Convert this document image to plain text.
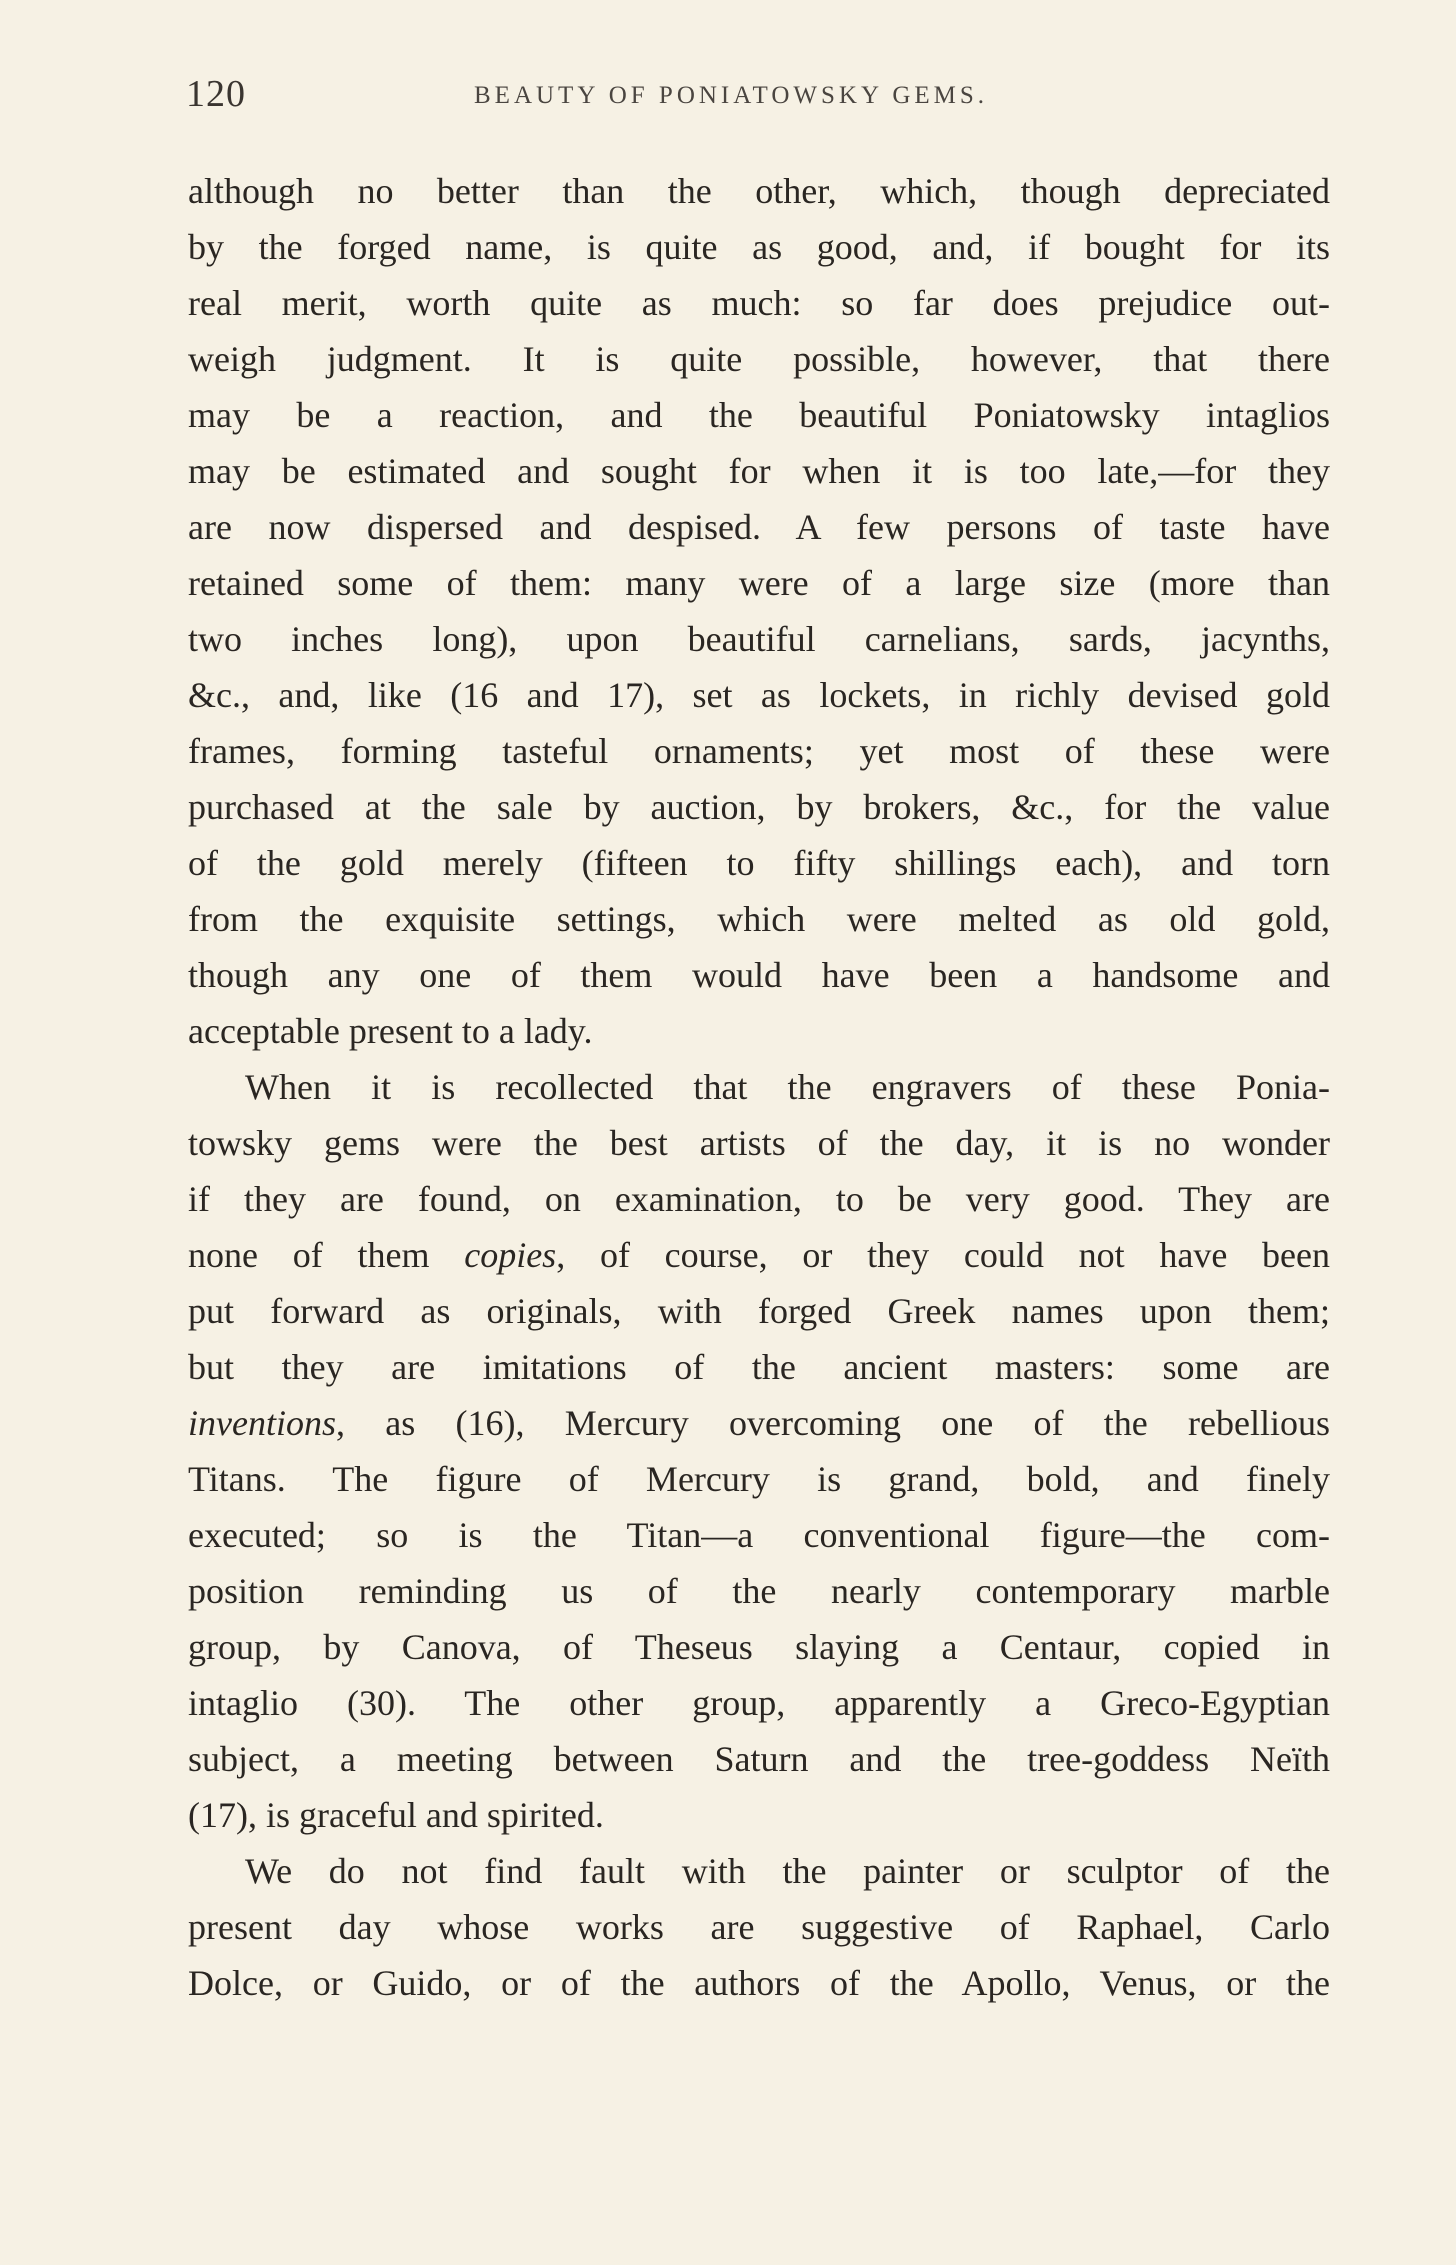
120	BEAUTY OF PONIATOWSKY GEMS.
although no better than the other, which, though depreciated
by the forged name, is quite as good, and, if bought for its
real merit, worth quite as much: so far does prejudice out-
weigh judgment. It is quite possible, however, that there
may be a reaction, and the beautiful Poniatowsky intaglios
may be estimated and sought for when it is too late,—for they
are now dispersed and despised. A few persons of taste have
retained some of them: many were of a large size (more than
two inches long), upon beautiful carnelians, sards, jacynths,
&c., and, like (16 and 17), set as lockets, in richly devised gold
frames, forming tasteful ornaments; yet most of these were
purchased at the sale by auction, by brokers, &c., for the value
of the gold merely (fifteen to fifty shillings each), and torn
from the exquisite settings, which were melted as old gold,
though any one of them would have been a handsome and
acceptable present to a lady.
When it is recollected that the engravers of these Ponia-
towsky gems were the best artists of the day, it is no wonder
if they are found, on examination, to be very good. They are
none of them copies, of course, or they could not have been
put forward as originals, with forged Greek names upon them;
but they are imitations of the ancient masters: some are
inventions, as (16), Mercury overcoming one of the rebellious
Titans. The figure of Mercury is grand, bold, and finely
executed; so is the Titan—a conventional figure—the com-
position reminding us of the nearly contemporary marble
group, by Canova, of Theseus slaying a Centaur, copied in
intaglio (30). The other group, apparently a Greco-Egyptian
subject, a meeting between Saturn and the tree-goddess Neïth
(17), is graceful and spirited.
We do not find fault with the painter or sculptor of the
present day whose works are suggestive of Raphael, Carlo
Dolce, or Guido, or of the authors of the Apollo, Venus, or the
